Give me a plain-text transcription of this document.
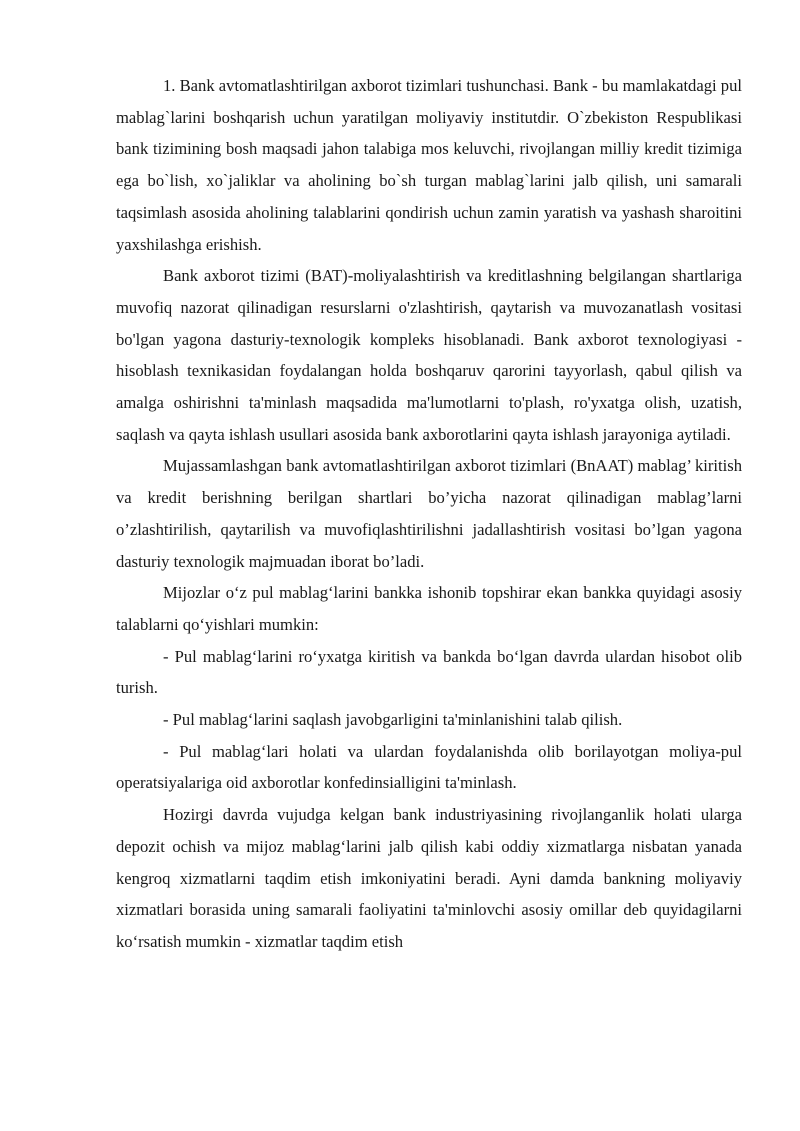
1. Bank avtomatlashtirilgan axborot tizimlari tushunchasi. Bank - bu mamlakatdagi pul mablag`larini boshqarish uchun yaratilgan moliyaviy institutdir. O`zbekiston Respublikasi bank tizimining bosh maqsadi jahon talabiga mos keluvchi, rivojlangan milliy kredit tizimiga ega bo`lish, xo`jaliklar va aholining bo`sh turgan mablag`larini jalb qilish, uni samarali taqsimlash asosida aholining talablarini qondirish uchun zamin yaratish va yashash sharoitini yaxshilashga erishish.

Bank axborot tizimi (BAT)-moliyalashtirish va kreditlashning belgilangan shartlariga muvofiq nazorat qilinadigan resurslarni o'zlashtirish, qaytarish va muvozanatlash vositasi bo'lgan yagona dasturiy-texnologik kompleks hisoblanadi. Bank axborot texnologiyasi - hisoblash texnikasidan foydalangan holda boshqaruv qarorini tayyorlash, qabul qilish va amalga oshirishni ta'minlash maqsadida ma'lumotlarni to'plash, ro'yxatga olish, uzatish, saqlash va qayta ishlash usullari asosida bank axborotlarini qayta ishlash jarayoniga aytiladi.

Mujassamlashgan bank avtomatlashtirilgan axborot tizimlari (BnAAT) mablag’ kiritish va kredit berishning berilgan shartlari bo’yicha nazorat qilinadigan mablag’larni o’zlashtirilish, qaytarilish va muvofiqlashtirilishni jadallashtirish vositasi bo’lgan yagona dasturiy texnologik majmuadan iborat bo’ladi.

Mijozlar o‘z pul mablag‘larini bankka ishonib topshirar ekan bankka quyidagi asosiy talablarni qo‘yishlari mumkin:

- Pul mablag‘larini ro‘yxatga kiritish va bankda bo‘lgan davrda ulardan hisobot olib turish.

- Pul mablag‘larini saqlash javobgarligini ta'minlanishini talab qilish.

- Pul mablag‘lari holati va ulardan foydalanishda olib borilayotgan moliya-pul operatsiyalariga oid axborotlar konfedinsialligini ta'minlash.

Hozirgi davrda vujudga kelgan bank industriyasining rivojlanganlik holati ularga depozit ochish va mijoz mablag‘larini jalb qilish kabi oddiy xizmatlarga nisbatan yanada kengroq xizmatlarni taqdim etish imkoniyatini beradi. Ayni damda bankning moliyaviy xizmatlari borasida uning samarali faoliyatini ta'minlovchi asosiy omillar deb quyidagilarni ko‘rsatish mumkin - xizmatlar taqdim etish
